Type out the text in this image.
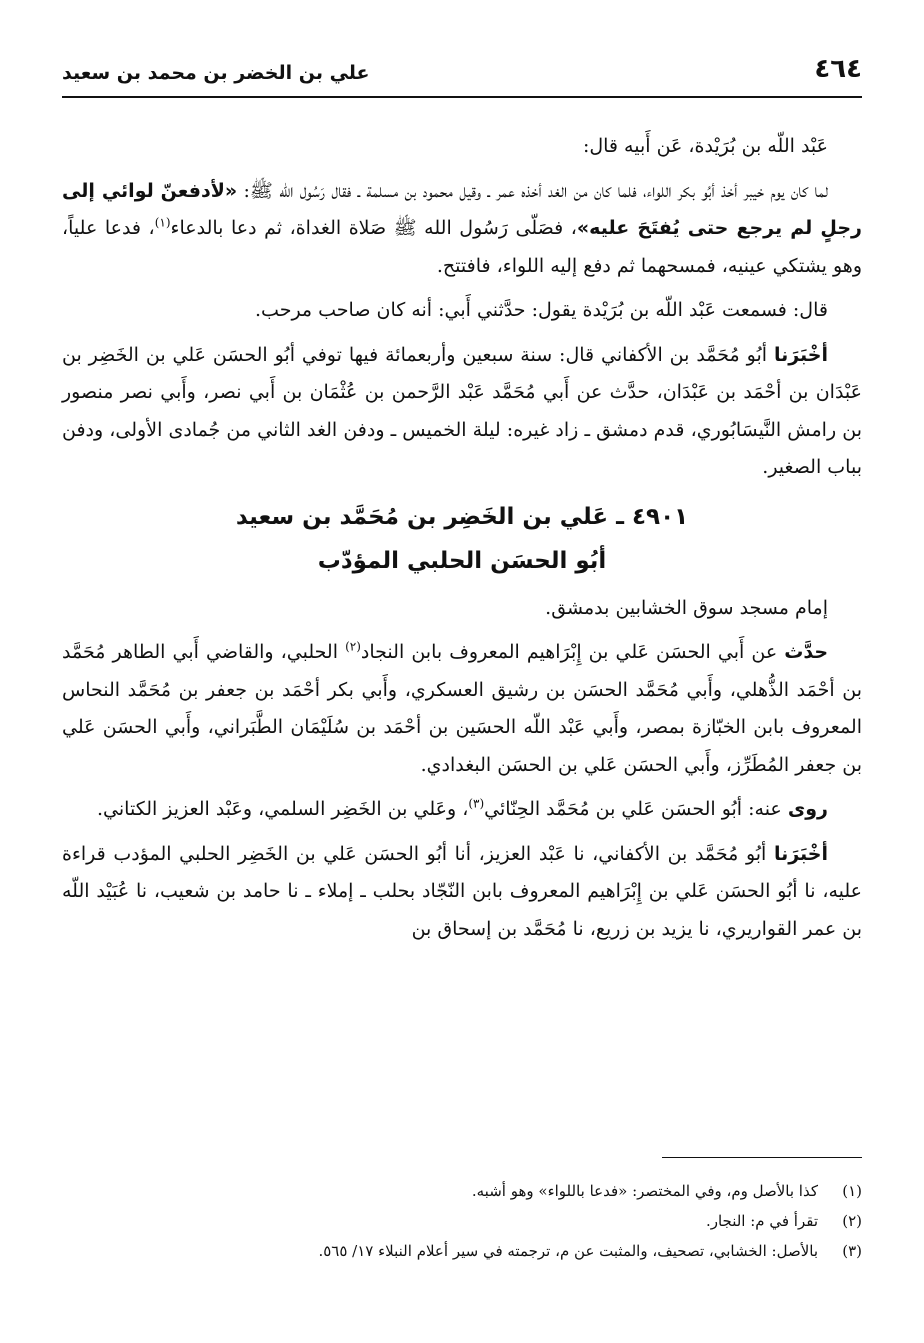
٤٦٤
علي بن الخضر بن محمد بن سعيد

عَبْد اللّه بن بُرَيْدة، عَن أَبيه قال:

لما كان يوم خيبر أخذ أبُو بكر اللواء، فلما كان من الغد أخذه عمر ـ وقيل محمود بن مسلمة ـ فقال رَسُول الله ﷺ: «لأدفعنّ لوائي إلى رجلٍ لم يرجع حتى يُفتَحَ عليه»، فصَلّى رَسُول الله ﷺ صَلاة الغداة، ثم دعا بالدعاء$^{(١)}$، فدعا علياً، وهو يشتكي عينيه، فمسحهما ثم دفع إليه اللواء، فافتتح.

قال: فسمعت عَبْد اللّه بن بُرَيْدة يقول: حدَّثني أَبي: أنه كان صاحب مرحب.

أخْبَرَنا أبُو مُحَمَّد بن الأكفاني قال: سنة سبعين وأربعمائة فيها توفي أبُو الحسَن عَلي بن الخَضِر بن عَبْدَان بن أحْمَد بن عَبْدَان، حدَّث عن أَبي مُحَمَّد عَبْد الرَّحمن بن عُثْمَان بن أَبي نصر، وأَبي نصر منصور بن رامش النَّيسَابُوري، قدم دمشق ـ زاد غيره: ليلة الخميس ـ ودفن الغد الثاني من جُمادى الأولى، ودفن بباب الصغير.

٤٩٠١ ـ عَلي بن الخَضِر بن مُحَمَّد بن سعيد
أبُو الحسَن الحلبي المؤدّب

إمام مسجد سوق الخشابين بدمشق.

حدَّث عن أَبي الحسَن عَلي بن إِبْرَاهيم المعروف بابن النجاد$^{(٢)}$ الحلبي، والقاضي أَبي الطاهر مُحَمَّد بن أحْمَد الذُّهلي، وأَبي مُحَمَّد الحسَن بن رشيق العسكري، وأَبي بكر أحْمَد بن جعفر بن مُحَمَّد النحاس المعروف بابن الخبّازة بمصر، وأَبي عَبْد اللّه الحسَين بن أحْمَد بن سُلَيْمَان الطَّبَراني، وأَبي الحسَن عَلي بن جعفر المُطَرِّز، وأَبي الحسَن عَلي بن الحسَن البغدادي.

روى عنه: أبُو الحسَن عَلي بن مُحَمَّد الحِنّائي$^{(٣)}$، وعَلي بن الخَضِر السلمي، وعَبْد العزيز الكتاني.

أخْبَرَنا أبُو مُحَمَّد بن الأكفاني، نا عَبْد العزيز، أنا أبُو الحسَن عَلي بن الخَضِر الحلبي المؤدب قراءة عليه، نا أبُو الحسَن عَلي بن إِبْرَاهيم المعروف بابن النّجّاد بحلب ـ إملاء ـ نا حامد بن شعيب، نا عُبَيْد اللّه بن عمر القواريري، نا يزيد بن زريع، نا مُحَمَّد بن إسحاق بن

(١)
كذا بالأصل وم، وفي المختصر: «فدعا باللواء» وهو أشبه.
(٢)
تقرأ في م: النجار.
(٣)
بالأصل: الخشابي، تصحيف، والمثبت عن م، ترجمته في سير أعلام النبلاء ١٧/ ٥٦٥.
